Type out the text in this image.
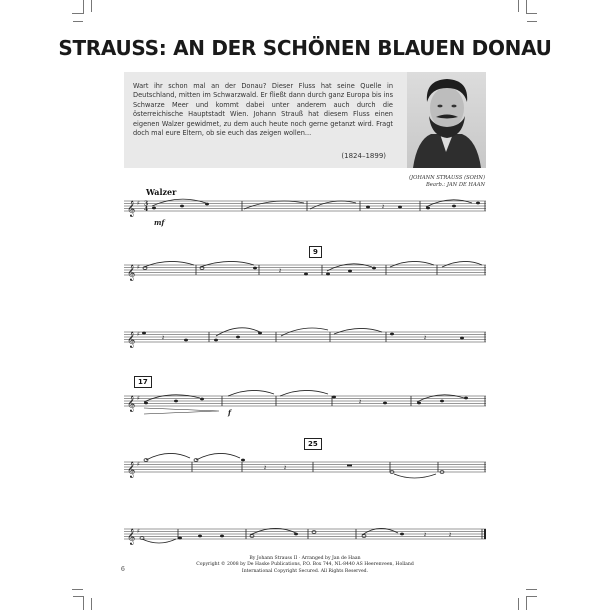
STRAUSS: AN DER SCHÖNEN BLAUEN DONAU
Wart ihr schon mal an der Donau? Dieser Fluss hat seine Quelle in Deutschland, mitten im Schwarzwald. Er fließt dann durch ganz Europa bis ins Schwarze Meer und kommt dabei unter anderem auch durch die österreichische Hauptstadt Wien. Johann Strauß hat diesem Fluss einen eigenen Walzer gewidmet, zu dem auch heute noch gerne getanzt wird. Fragt doch mal eure Eltern, ob sie euch das zeigen wollen...
(1824–1899)
(JOHANN STRAUSS (SOHN)
Bearb.: JAN DE HAAN
Walzer
𝄞 ♯ 3
4
mf
𝄽
9
𝄞 ♯	𝄽
𝄞 ♯	𝄽	𝄽
17
𝄞 ♯	𝄽
f
25
𝄞 ♯	𝄽	𝄽
𝄞 ♯	𝄽	𝄽
6
By Johann Strauss II · Arranged by Jan de Haan
Copyright © 2008 by De Haske Publications, P.O. Box 744, NL-8440 AS Heerenveen, Holland
International Copyright Secured. All Rights Reserved.
